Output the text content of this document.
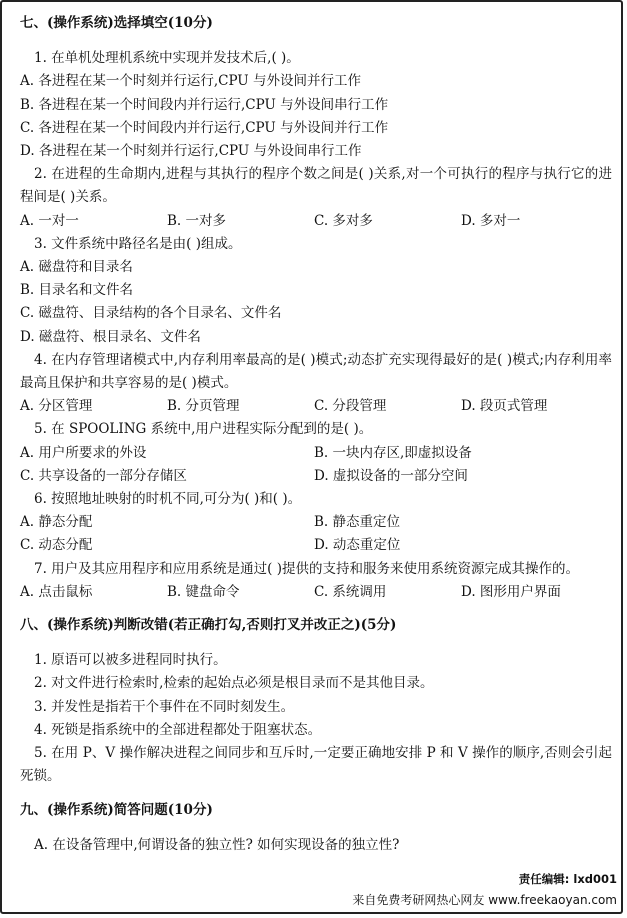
七、(操作系统)选择填空(10分)
1. 在单机处理机系统中实现并发技术后,( )。
A. 各进程在某一个时刻并行运行,CPU 与外设间并行工作
B. 各进程在某一个时间段内并行运行,CPU 与外设间串行工作
C. 各进程在某一个时间段内并行运行,CPU 与外设间并行工作
D. 各进程在某一个时刻并行运行,CPU 与外设间串行工作
2. 在进程的生命期内,进程与其执行的程序个数之间是( )关系,对一个可执行的程序与执行它的进程间是( )关系。
A. 一对一	B. 一对多	C. 多对多	D. 多对一
3. 文件系统中路径名是由( )组成。
A. 磁盘符和目录名
B. 目录名和文件名
C. 磁盘符、目录结构的各个目录名、文件名
D. 磁盘符、根目录名、文件名
4. 在内存管理诸模式中,内存利用率最高的是( )模式;动态扩充实现得最好的是( )模式;内存利用率最高且保护和共享容易的是( )模式。
A. 分区管理	B. 分页管理	C. 分段管理	D. 段页式管理
5. 在 SPOOLING 系统中,用户进程实际分配到的是( )。
A. 用户所要求的外设	B. 一块内存区,即虚拟设备
C. 共享设备的一部分存储区	D. 虚拟设备的一部分空间
6. 按照地址映射的时机不同,可分为( )和( )。
A. 静态分配	B. 静态重定位
C. 动态分配	D. 动态重定位
7. 用户及其应用程序和应用系统是通过( )提供的支持和服务来使用系统资源完成其操作的。
A. 点击鼠标	B. 键盘命令	C. 系统调用	D. 图形用户界面
八、(操作系统)判断改错(若正确打勾,否则打叉并改正之)(5分)
1. 原语可以被多进程同时执行。
2. 对文件进行检索时,检索的起始点必须是根目录而不是其他目录。
3. 并发性是指若干个事件在不同时刻发生。
4. 死锁是指系统中的全部进程都处于阻塞状态。
5. 在用 P、V 操作解决进程之间同步和互斥时,一定要正确地安排 P 和 V 操作的顺序,否则会引起死锁。
九、(操作系统)简答问题(10分)
A. 在设备管理中,何谓设备的独立性? 如何实现设备的独立性?
责任编辑: lxd001
来自免费考研网热心网友 www.freekaoyan.com
